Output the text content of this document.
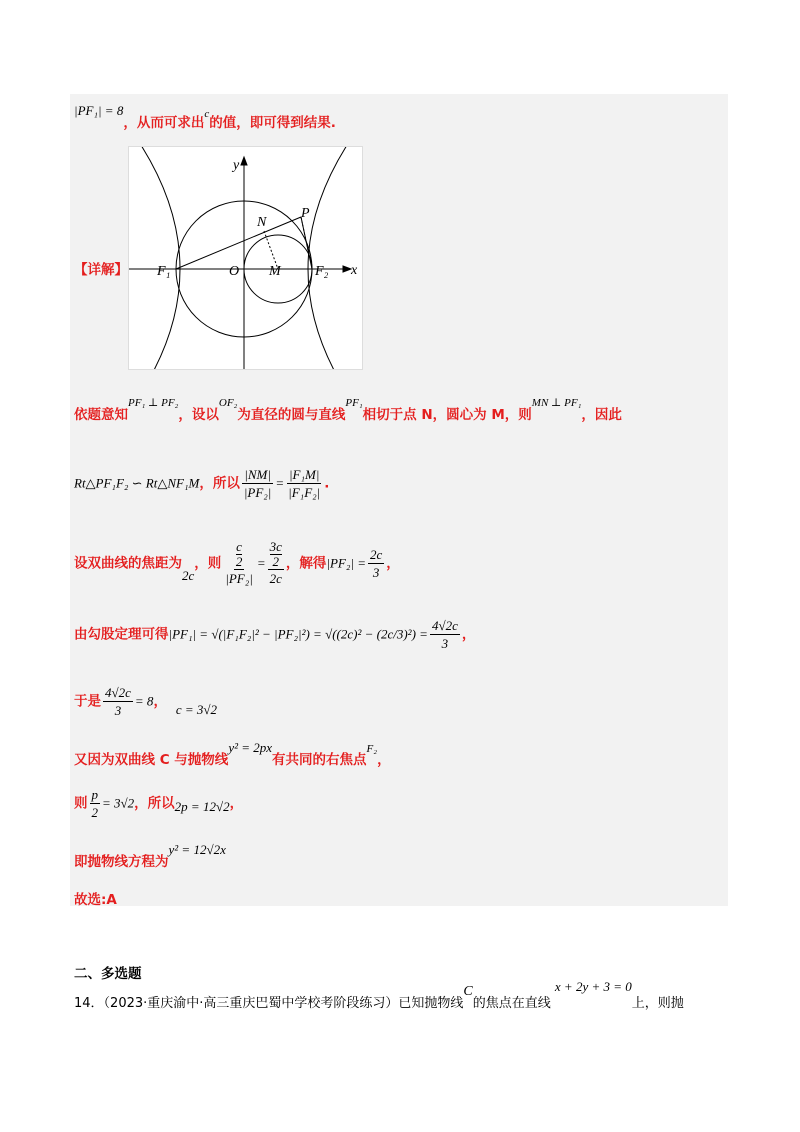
|PF₁| = 8，从而可求出c的值，即可得到结果.
【详解】
y
x
N
P
F₁	O M F₂
依题意知PF₁ ⊥ PF₂，设以OF₂为直径的圆与直线PF₁相切于点 N，圆心为 M，则MN ⊥ PF₁，因此
Rt△PF₁F₂ ∽ Rt△NF₁M，所以 $\frac{|NM|}{\text{|PF₂|}} = \frac{\text{|F₁M|}}{\text{|F₁F₂|}}$ .
设双曲线的焦距为2c，则 $\frac{\frac{c}{2}}{\text{|PF₂|}} = \frac{\frac{3c}{2}}{2c}$ ，解得$|PF_2| = \frac{2c}{3}$ ，
由勾股定理可得$|PF_1| = √(|F_1F_2|^2 - |PF_2|^2) = √((2c)^2 - (2c/3)^2) = \frac{4√2c}{3}$ ，
于是 $\frac{4√2c}{3} = 8$， c = 3√2
又因为双曲线 C 与抛物线y² = 2px有共同的右焦点F₂，
则 $\frac{p}{2} = 3√2$，所以2p = 12√2，
即抛物线方程为y² = 12√2x
故选:A
二、多选题
14．（2023·重庆渝中·高三重庆巴蜀中学校考阶段练习）已知抛物线C的焦点在直线 x + 2y + 3 = 0上，则抛
